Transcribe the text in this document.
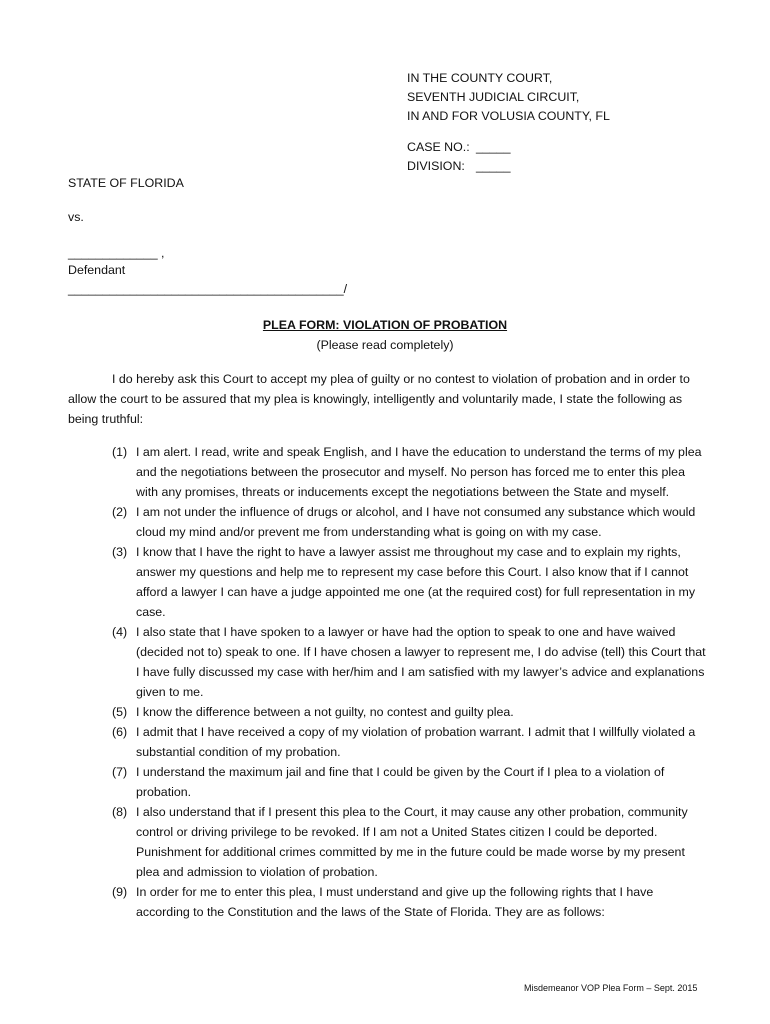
IN THE COUNTY COURT,
SEVENTH JUDICIAL CIRCUIT,
IN AND FOR VOLUSIA COUNTY, FL
CASE NO.: _____
DIVISION: _____
STATE OF FLORIDA
vs.
_____________ ,
Defendant
________________________________________/
PLEA FORM: VIOLATION OF PROBATION
(Please read completely)
I do hereby ask this Court to accept my plea of guilty or no contest to violation of probation and in order to allow the court to be assured that my plea is knowingly, intelligently and voluntarily made, I state the following as being truthful:
(1) I am alert. I read, write and speak English, and I have the education to understand the terms of my plea and the negotiations between the prosecutor and myself. No person has forced me to enter this plea with any promises, threats or inducements except the negotiations between the State and myself.
(2) I am not under the influence of drugs or alcohol, and I have not consumed any substance which would cloud my mind and/or prevent me from understanding what is going on with my case.
(3) I know that I have the right to have a lawyer assist me throughout my case and to explain my rights, answer my questions and help me to represent my case before this Court. I also know that if I cannot afford a lawyer I can have a judge appointed me one (at the required cost) for full representation in my case.
(4) I also state that I have spoken to a lawyer or have had the option to speak to one and have waived (decided not to) speak to one. If I have chosen a lawyer to represent me, I do advise (tell) this Court that I have fully discussed my case with her/him and I am satisfied with my lawyer’s advice and explanations given to me.
(5) I know the difference between a not guilty, no contest and guilty plea.
(6) I admit that I have received a copy of my violation of probation warrant. I admit that I willfully violated a substantial condition of my probation.
(7) I understand the maximum jail and fine that I could be given by the Court if I plea to a violation of probation.
(8) I also understand that if I present this plea to the Court, it may cause any other probation, community control or driving privilege to be revoked. If I am not a United States citizen I could be deported. Punishment for additional crimes committed by me in the future could be made worse by my present plea and admission to violation of probation.
(9) In order for me to enter this plea, I must understand and give up the following rights that I have according to the Constitution and the laws of the State of Florida. They are as follows:
Misdemeanor VOP Plea Form – Sept. 2015
